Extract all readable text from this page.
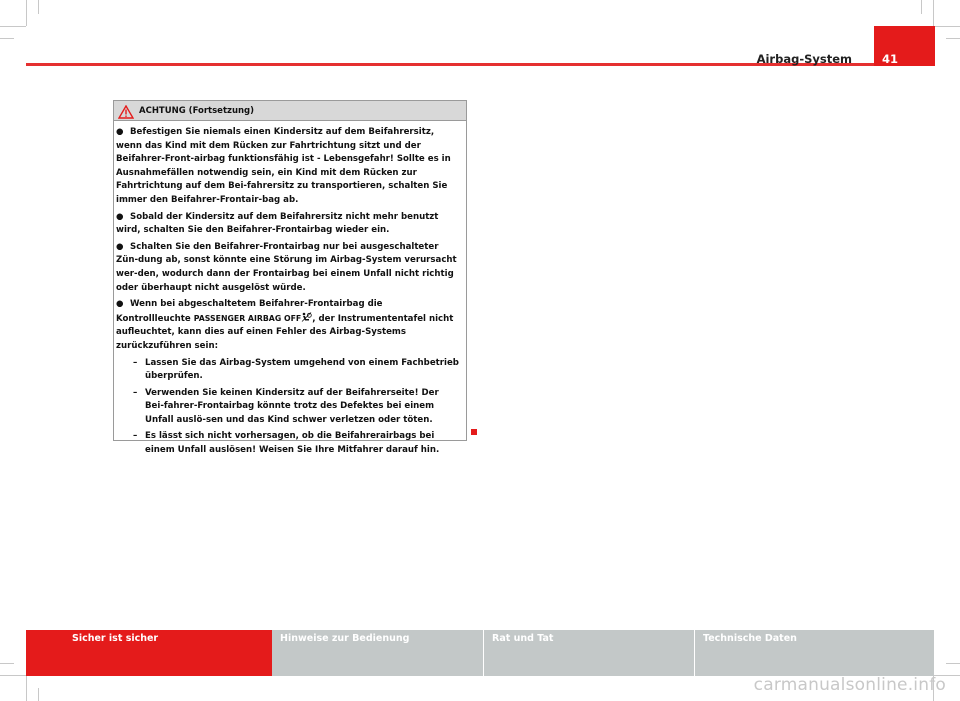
Airbag-System	41
ACHTUNG (Fortsetzung)
● Befestigen Sie niemals einen Kindersitz auf dem Beifahrersitz, wenn das Kind mit dem Rücken zur Fahrtrichtung sitzt und der Beifahrer-Front-airbag funktionsfähig ist - Lebensgefahr! Sollte es in Ausnahmefällen notwendig sein, ein Kind mit dem Rücken zur Fahrtrichtung auf dem Bei-fahrersitz zu transportieren, schalten Sie immer den Beifahrer-Frontair-bag ab.
● Sobald der Kindersitz auf dem Beifahrersitz nicht mehr benutzt wird, schalten Sie den Beifahrer-Frontairbag wieder ein.
● Schalten Sie den Beifahrer-Frontairbag nur bei ausgeschalteter Zün-dung ab, sonst könnte eine Störung im Airbag-System verursacht wer-den, wodurch dann der Frontairbag bei einem Unfall nicht richtig oder überhaupt nicht ausgelöst würde.
● Wenn bei abgeschaltetem Beifahrer-Frontairbag die Kontrollleuchte PASSENGER AIRBAG OFF , der Instrumententafel nicht aufleuchtet, kann dies auf einen Fehler des Airbag-Systems zurückzuführen sein:
– Lassen Sie das Airbag-System umgehend von einem Fachbetrieb überprüfen.
– Verwenden Sie keinen Kindersitz auf der Beifahrerseite! Der Bei-fahrer-Frontairbag könnte trotz des Defektes bei einem Unfall auslö-sen und das Kind schwer verletzen oder töten.
– Es lässt sich nicht vorhersagen, ob die Beifahrerairbags bei einem Unfall auslösen! Weisen Sie Ihre Mitfahrer darauf hin.
Sicher ist sicher	Hinweise zur Bedienung	Rat und Tat	Technische Daten
carmanualsonline.info
